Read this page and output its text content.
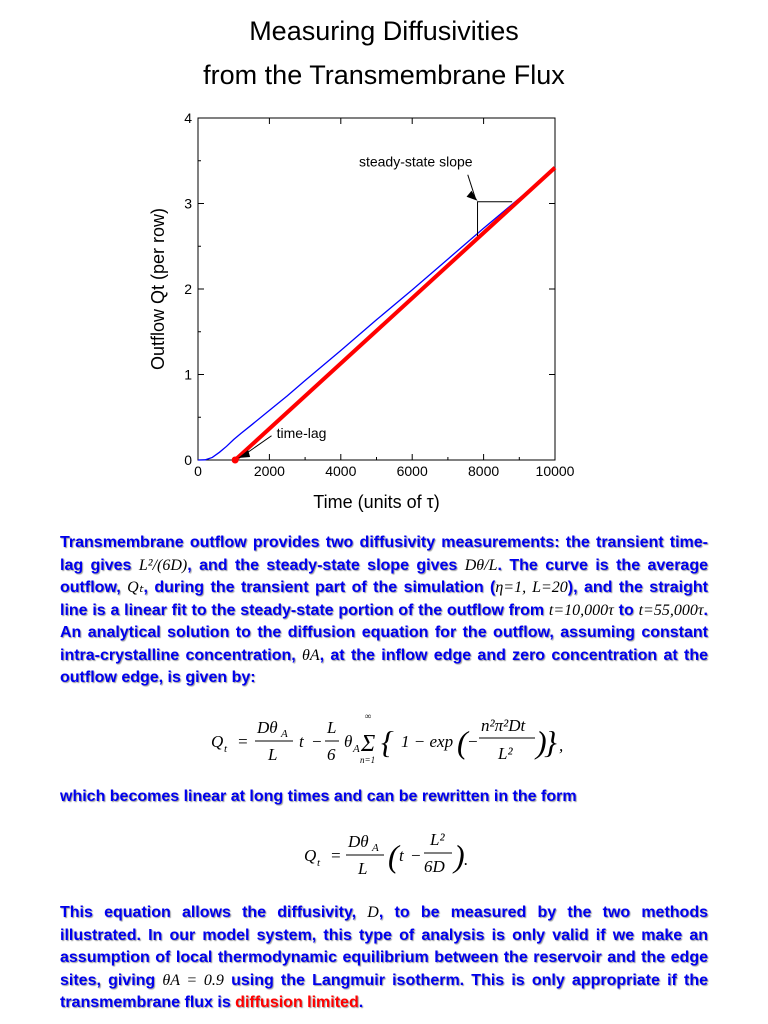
Measuring Diffusivities
from the Transmembrane Flux
0	2000	4000	6000	8000	10000
0
1
2
3
4
Time (units of τ)
Outflow Qt (per row)
steady-state slope
time-lag
Transmembrane outflow provides two diffusivity measurements: the transient time-lag gives L²/(6D), and the steady-state slope gives Dθ/L. The curve is the average outflow, Qₜ, during the transient part of the simulation (η=1, L=20), and the straight line is a linear fit to the steady-state portion of the outflow from t=10,000τ to t=55,000τ. An analytical solution to the diffusion equation for the outflow, assuming constant intra-crystalline concentration, θA, at the inflow edge and zero concentration at the outflow edge, is given by:
Q t =
Dθ A
L
t −
L
6
θ A
∞
Σ
n=1 { 1 − exp ( −
n²π²Dt
L² )
} ,
which becomes linear at long times and can be rewritten in the form
Q t =
Dθ A
L ( t −
L²
6D ) .
This equation allows the diffusivity, D, to be measured by the two methods illustrated. In our model system, this type of analysis is only valid if we make an assumption of local thermodynamic equilibrium between the reservoir and the edge sites, giving θA = 0.9 using the Langmuir isotherm. This is only appropriate if the transmembrane flux is diffusion limited.
